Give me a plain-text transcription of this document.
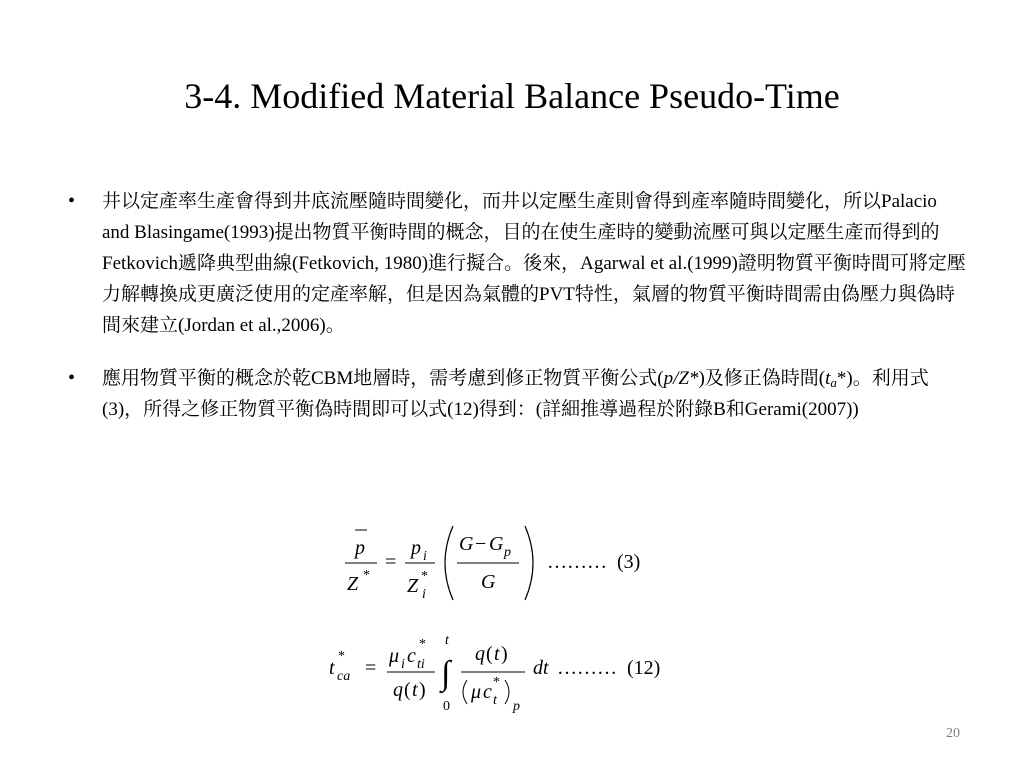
3-4. Modified Material Balance Pseudo-Time
• 井以定產率生產會得到井底流壓隨時間變化，而井以定壓生產則會得到產率隨時間變化，所以Palacio and Blasingame(1993)提出物質平衡時間的概念，目的在使生產時的變動流壓可與以定壓生產而得到的Fetkovich遞降典型曲線(Fetkovich, 1980)進行擬合。後來，Agarwal et al.(1999)證明物質平衡時間可將定壓力解轉換成更廣泛使用的定產率解，但是因為氣體的PVT特性，氣層的物質平衡時間需由偽壓力與偽時間來建立(Jordan et al.,2006)。
• 應用物質平衡的概念於乾CBM地層時，需考慮到修正物質平衡公式(p/Z*)及修正偽時間$(t_a*)$。利用式(3)，所得之修正物質平衡偽時間即可以式(12)得到：(詳細推導過程於附錄B和Gerami(2007))
p
Z *
=
p i
Z *
i
G − G p
G
……… (3)
t
*
ca =
μ i c
*
ti
q ( t ) ∫
t
0
q ( t )
μ c *
t p
dt ……… (12)
20
